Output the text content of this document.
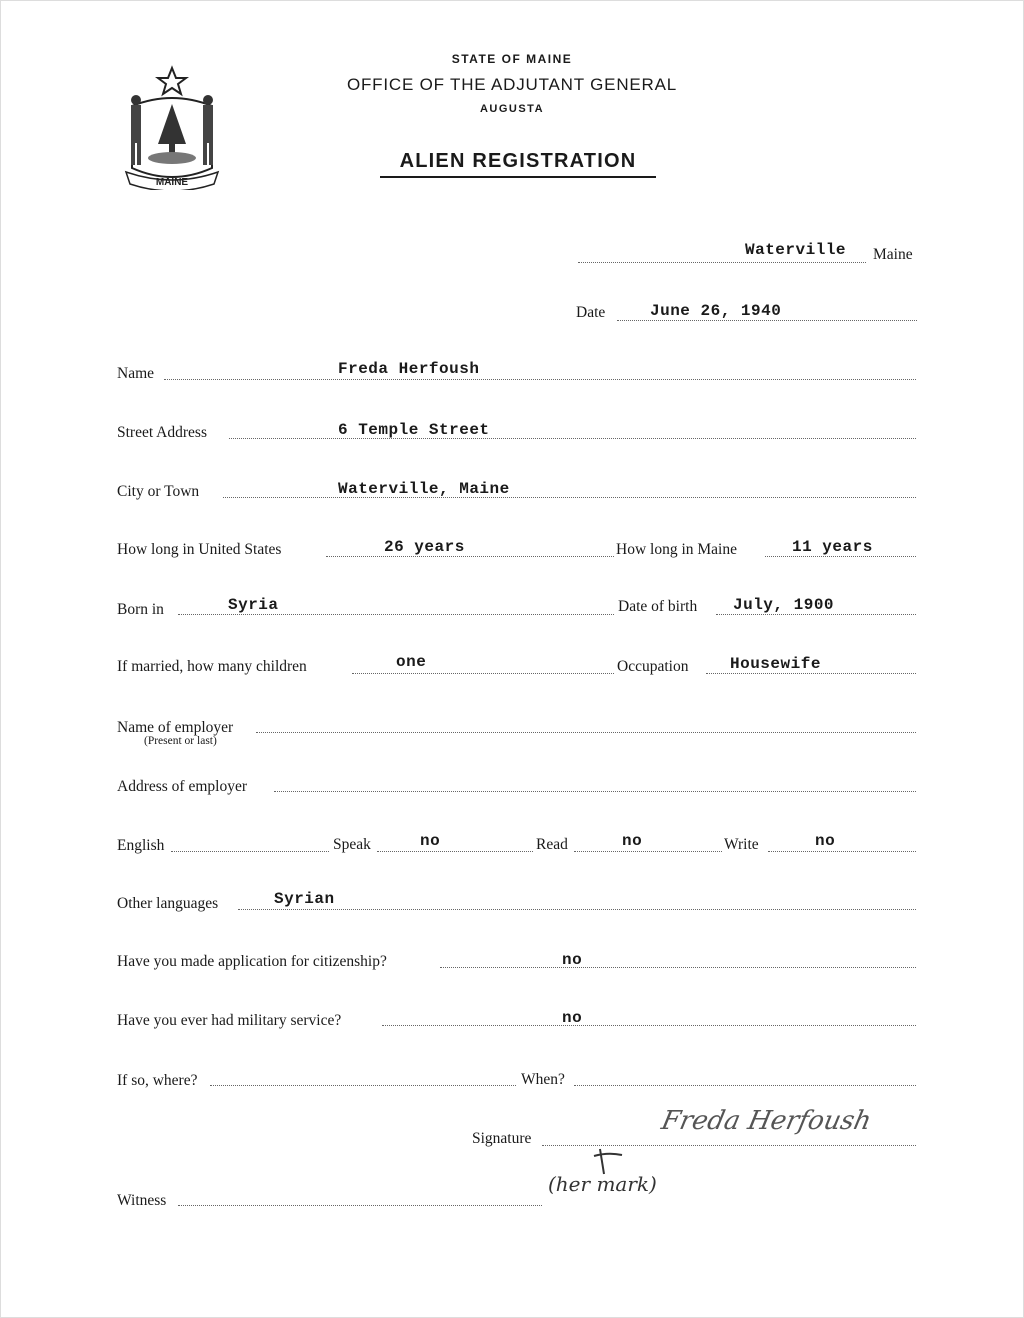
MAINE
STATE OF MAINE
OFFICE OF THE ADJUTANT GENERAL
AUGUSTA
ALIEN REGISTRATION
Waterville Maine
Date	June 26, 1940
Name	Freda Herfoush
Street Address	6 Temple Street
City or Town	Waterville, Maine
How long in United States	26 years	How long in Maine	11 years
Born in	Syria	Date of birth July, 1900
If married, how many children	one	Occupation	Housewife
Name of employer
(Present or last)
Address of employer
English	Speak	no	Read	no	Write	no
Other languages	Syrian
Have you made application for citizenship?	no
Have you ever had military service?	no
If so, where?	When?
Signature
Freda Herfoush
Witness
(her mark)
